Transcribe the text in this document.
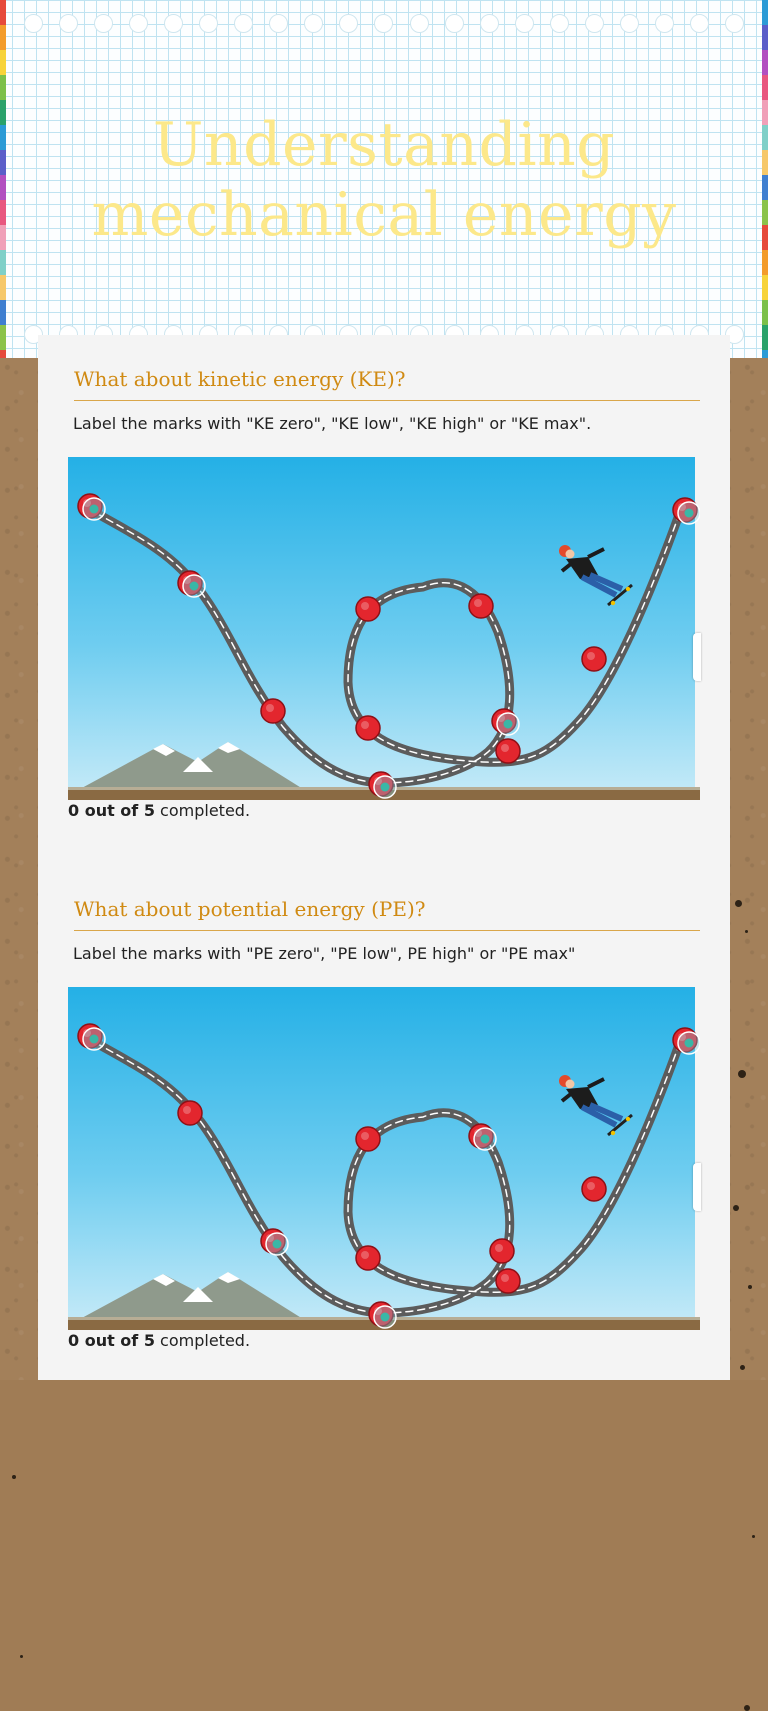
Understanding mechanical energy
What about kinetic energy (KE)?
Label the marks with "KE zero", "KE low", "KE high" or "KE max".
0 out of 5 completed.
What about potential energy (PE)?
Label the marks with "PE zero", "PE low", PE high" or "PE max"
0 out of 5 completed.
